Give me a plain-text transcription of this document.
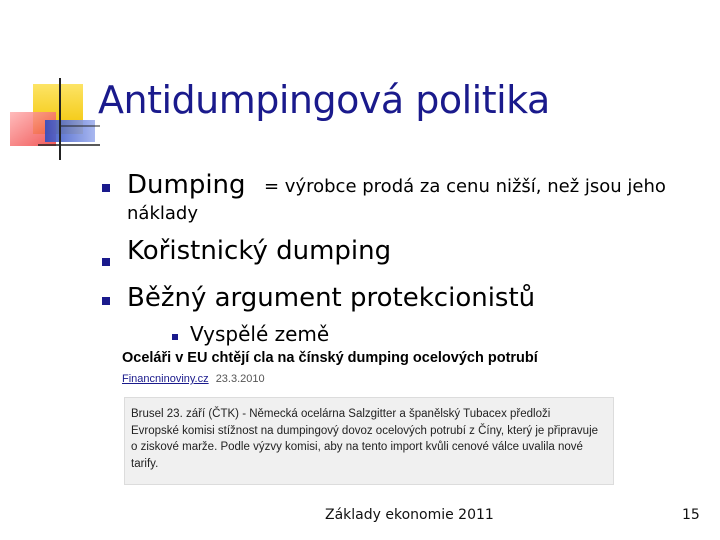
Antidumpingová politika
Dumping = výrobce prodá za cenu nižší, než jsou jeho
náklady
Kořistnický dumping
Běžný argument protekcionistů
Vyspělé země
Oceláři v EU chtějí cla na čínský dumping ocelových potrubí
Financninoviny.cz 23.3.2010
Brusel 23. září (ČTK) - Německá ocelárna Salzgitter a španělský Tubacex předloži Evropské komisi stížnost na dumpingový dovoz ocelových potrubí z Číny, který je připravuje o ziskové marže. Podle výzvy komisi, aby na tento import kvůli cenové válce uvalila nové tarify.
Základy ekonomie 2011	15
